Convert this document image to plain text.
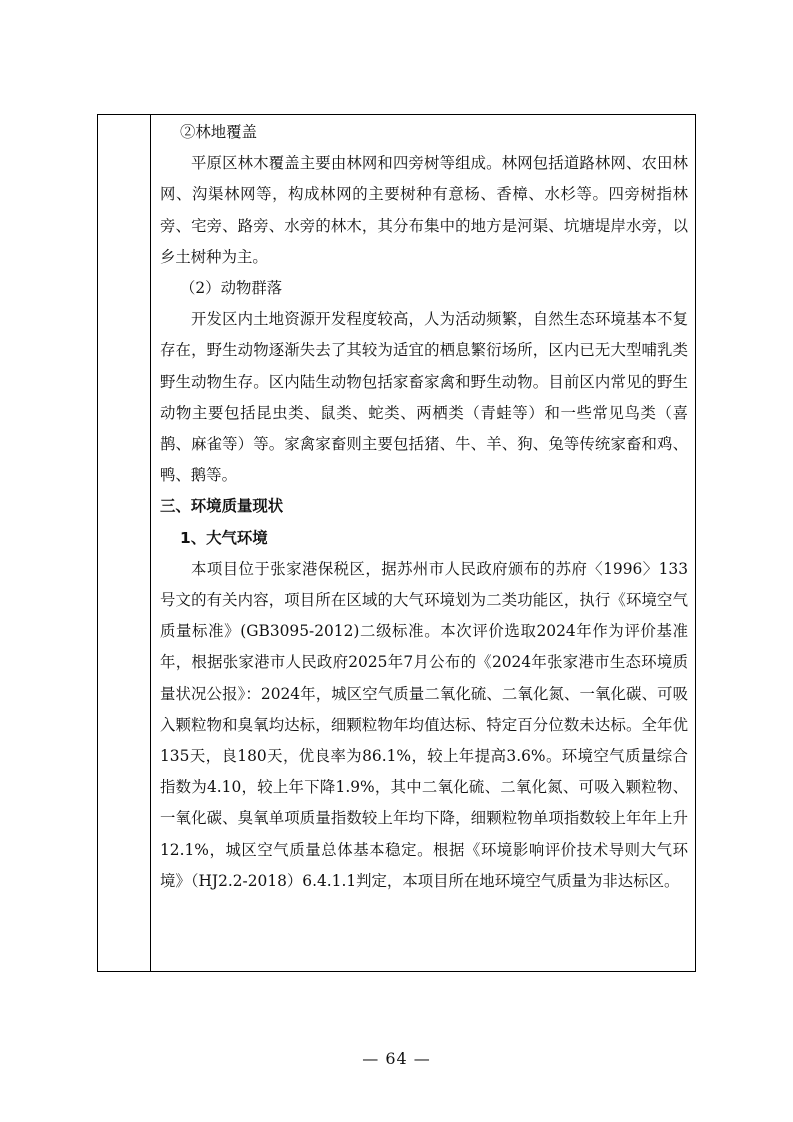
②林地覆盖

平原区林木覆盖主要由林网和四旁树等组成。林网包括道路林网、农田林网、沟渠林网等，构成林网的主要树种有意杨、香樟、水杉等。四旁树指林旁、宅旁、路旁、水旁的林木，其分布集中的地方是河渠、坑塘堤岸水旁，以乡土树种为主。

（2）动物群落

开发区内土地资源开发程度较高，人为活动频繁，自然生态环境基本不复存在，野生动物逐渐失去了其较为适宜的栖息繁衍场所，区内已无大型哺乳类野生动物生存。区内陆生动物包括家畜家禽和野生动物。目前区内常见的野生动物主要包括昆虫类、鼠类、蛇类、两栖类（青蛙等）和一些常见鸟类（喜鹊、麻雀等）等。家禽家畜则主要包括猪、牛、羊、狗、兔等传统家畜和鸡、鸭、鹅等。

三、环境质量现状

1、大气环境

本项目位于张家港保税区，据苏州市人民政府颁布的苏府〈1996〉133号文的有关内容，项目所在区域的大气环境划为二类功能区，执行《环境空气质量标准》(GB3095-2012)二级标准。本次评价选取2024年作为评价基准年，根据张家港市人民政府2025年7月公布的《2024年张家港市生态环境质量状况公报》：2024年，城区空气质量二氧化硫、二氧化氮、一氧化碳、可吸入颗粒物和臭氧均达标，细颗粒物年均值达标、特定百分位数未达标。全年优135天，良180天，优良率为86.1%，较上年提高3.6%。环境空气质量综合指数为4.10，较上年下降1.9%，其中二氧化硫、二氧化氮、可吸入颗粒物、一氧化碳、臭氧单项质量指数较上年均下降，细颗粒物单项指数较上年年上升12.1%，城区空气质量总体基本稳定。根据《环境影响评价技术导则大气环境》（HJ2.2-2018）6.4.1.1判定，本项目所在地环境空气质量为非达标区。

— 64 —
